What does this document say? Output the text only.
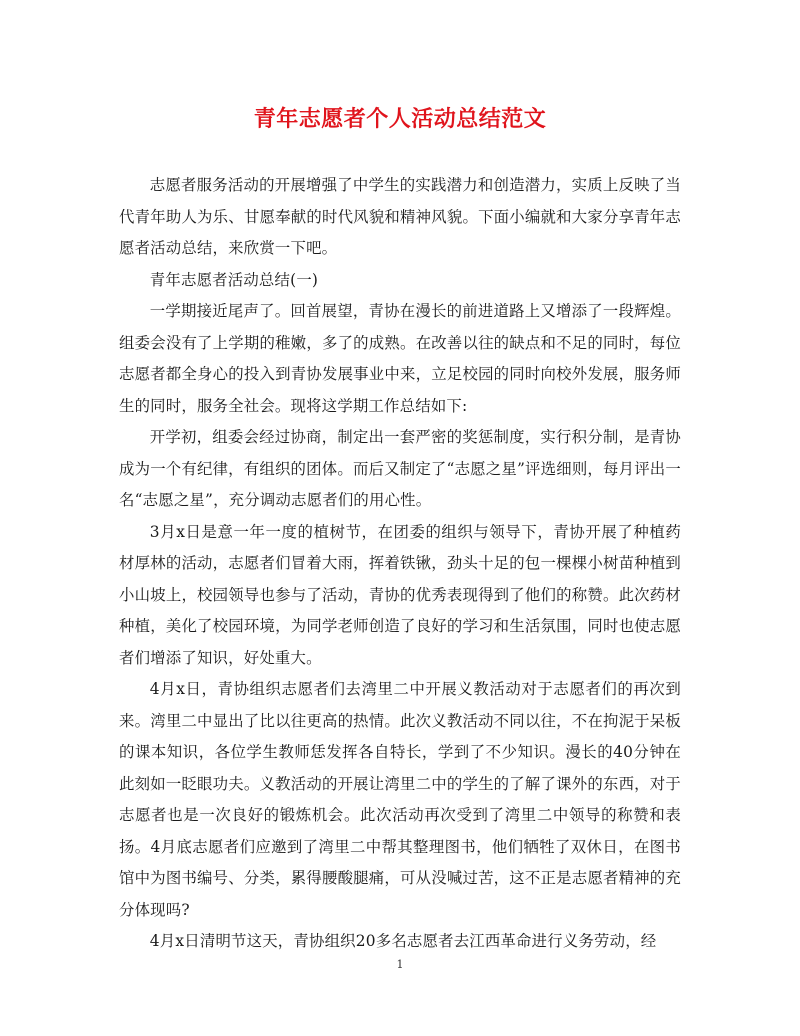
青年志愿者个人活动总结范文

志愿者服务活动的开展增强了中学生的实践潜力和创造潜力，实质上反映了当代青年助人为乐、甘愿奉献的时代风貌和精神风貌。下面小编就和大家分享青年志愿者活动总结，来欣赏一下吧。

青年志愿者活动总结(一)

一学期接近尾声了。回首展望，青协在漫长的前进道路上又增添了一段辉煌。组委会没有了上学期的稚嫩，多了的成熟。在改善以往的缺点和不足的同时，每位志愿者都全身心的投入到青协发展事业中来，立足校园的同时向校外发展，服务师生的同时，服务全社会。现将这学期工作总结如下:

开学初，组委会经过协商，制定出一套严密的奖惩制度，实行积分制，是青协成为一个有纪律，有组织的团体。而后又制定了“志愿之星”评选细则，每月评出一名“志愿之星”，充分调动志愿者们的用心性。

3月x日是意一年一度的植树节，在团委的组织与领导下，青协开展了种植药材厚林的活动，志愿者们冒着大雨，挥着铁锹，劲头十足的包一棵棵小树苗种植到小山坡上，校园领导也参与了活动，青协的优秀表现得到了他们的称赞。此次药材种植，美化了校园环境，为同学老师创造了良好的学习和生活氛围，同时也使志愿者们增添了知识，好处重大。

4月x日，青协组织志愿者们去湾里二中开展义教活动对于志愿者们的再次到来。湾里二中显出了比以往更高的热情。此次义教活动不同以往，不在拘泥于呆板的课本知识，各位学生教师恁发挥各自特长，学到了不少知识。漫长的40分钟在此刻如一眨眼功夫。义教活动的开展让湾里二中的学生的了解了课外的东西，对于志愿者也是一次良好的锻炼机会。此次活动再次受到了湾里二中领导的称赞和表扬。4月底志愿者们应邀到了湾里二中帮其整理图书，他们牺牲了双休日，在图书馆中为图书编号、分类，累得腰酸腿痛，可从没喊过苦，这不正是志愿者精神的充分体现吗?

4月x日清明节这天，青协组织20多名志愿者去江西革命进行义务劳动，经

1
